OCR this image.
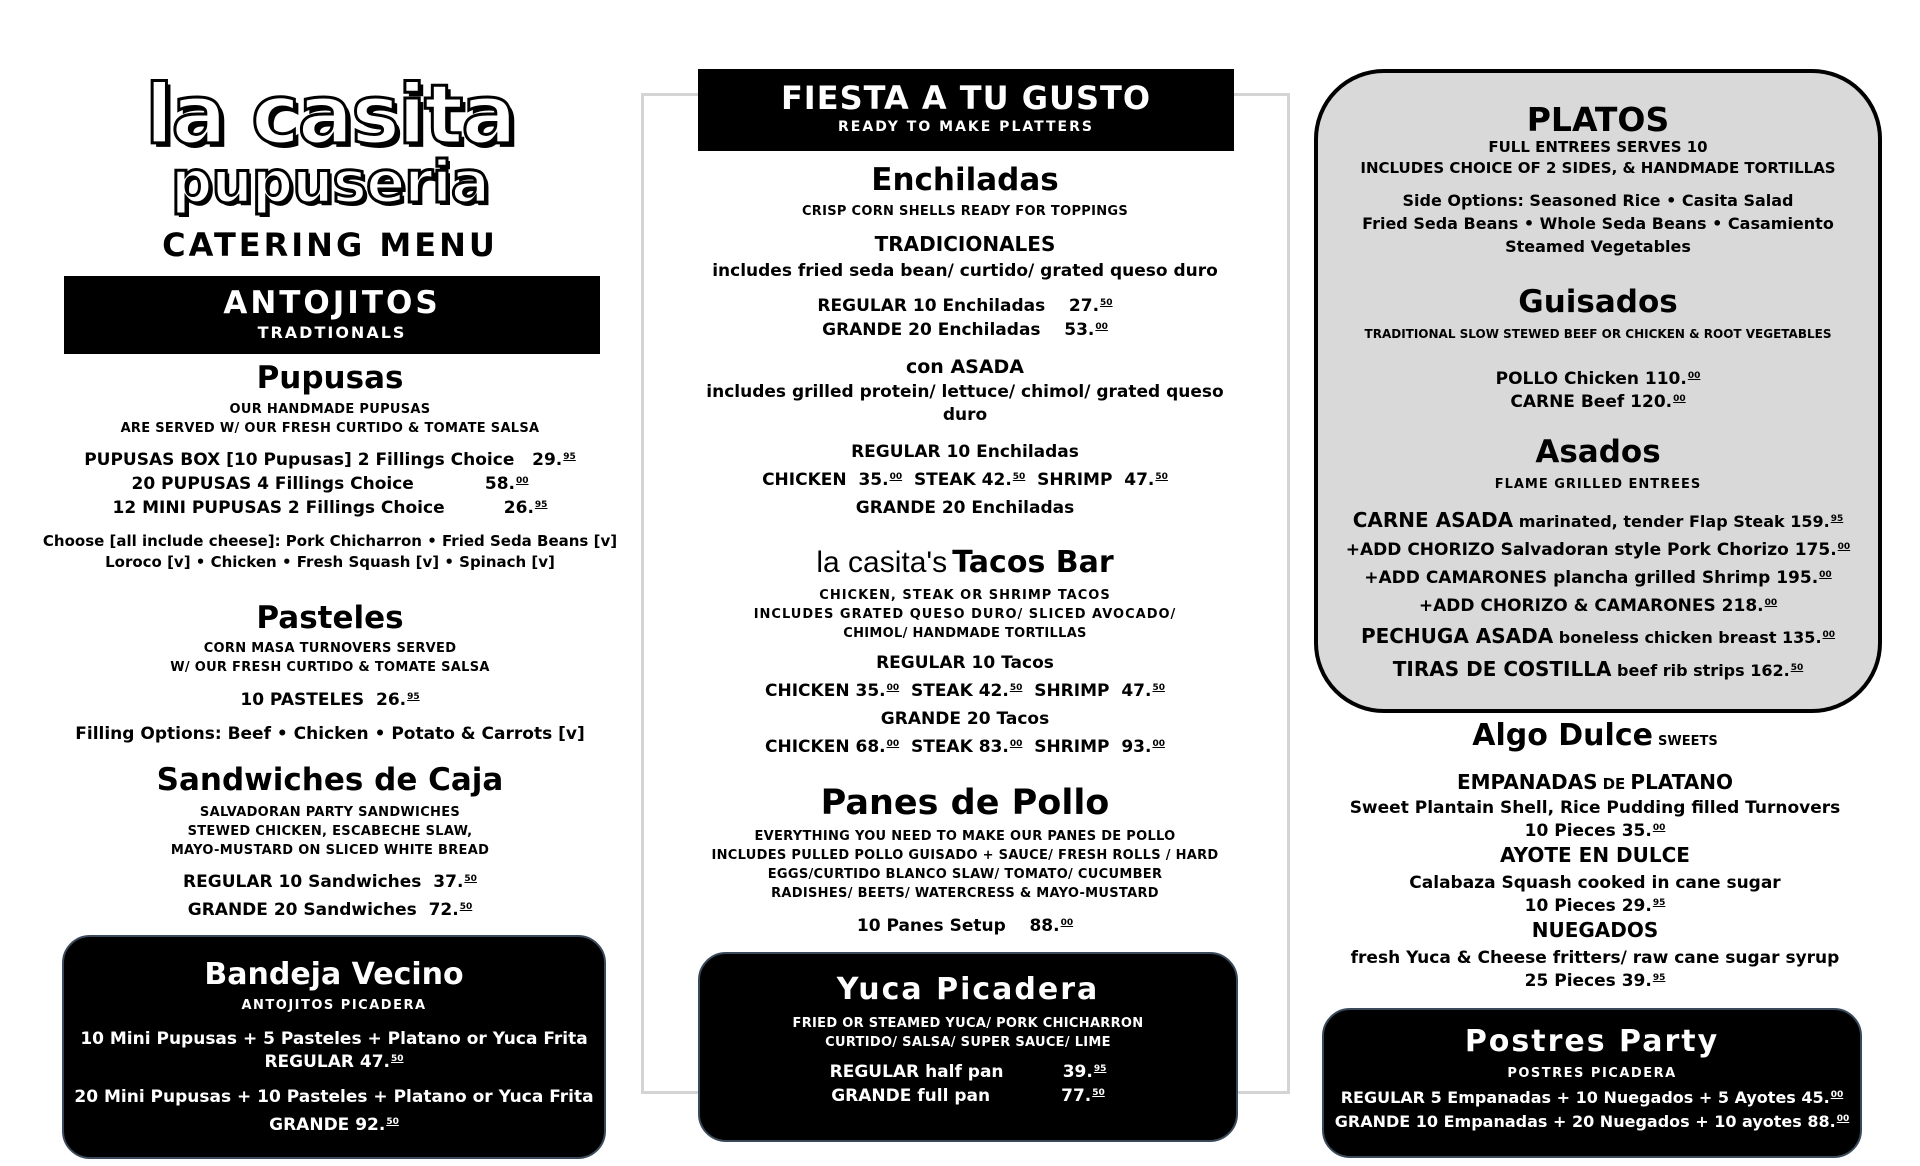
la casita
pupuseria
CATERING MENU
ANTOJITOS
TRADTIONALS
Pupusas
OUR HANDMADE PUPUSAS
ARE SERVED W/ OUR FRESH CURTIDO & TOMATE SALSA
PUPUSAS BOX [10 Pupusas] 2 Fillings Choice 29.95
20 PUPUSAS 4 Fillings Choice	58.00
12 MINI PUPUSAS 2 Fillings Choice	26.95
Choose [all include cheese]: Pork Chicharron • Fried Seda Beans [v]
Loroco [v] • Chicken • Fresh Squash [v] • Spinach [v]
Pasteles
CORN MASA TURNOVERS SERVED
W/ OUR FRESH CURTIDO & TOMATE SALSA
10 PASTELES 26.95
Filling Options: Beef • Chicken • Potato & Carrots [v]
Sandwiches de Caja
SALVADORAN PARTY SANDWICHES
STEWED CHICKEN, ESCABECHE SLAW,
MAYO-MUSTARD ON SLICED WHITE BREAD
REGULAR 10 Sandwiches 37.50
GRANDE 20 Sandwiches 72.50
Bandeja Vecino
ANTOJITOS PICADERA
10 Mini Pupusas + 5 Pasteles + Platano or Yuca Frita
REGULAR 47.50
20 Mini Pupusas + 10 Pasteles + Platano or Yuca Frita
GRANDE 92.50
FIESTA A TU GUSTO
READY TO MAKE PLATTERS
Enchiladas
CRISP CORN SHELLS READY FOR TOPPINGS
TRADICIONALES
includes fried seda bean/ curtido/ grated queso duro
REGULAR 10 Enchiladas 27.50
GRANDE 20 Enchiladas 53.00
con ASADA
includes grilled protein/ lettuce/ chimol/ grated queso
duro
REGULAR 10 Enchiladas
CHICKEN 35.00 STEAK 42.50 SHRIMP 47.50
GRANDE 20 Enchiladas
la casita's Tacos Bar
CHICKEN, STEAK OR SHRIMP TACOS
INCLUDES GRATED QUESO DURO/ SLICED AVOCADO/
CHIMOL/ HANDMADE TORTILLAS
REGULAR 10 Tacos
CHICKEN 35.00 STEAK 42.50 SHRIMP 47.50
GRANDE 20 Tacos
CHICKEN 68.00 STEAK 83.00 SHRIMP 93.00
Panes de Pollo
EVERYTHING YOU NEED TO MAKE OUR PANES DE POLLO
INCLUDES PULLED POLLO GUISADO + SAUCE/ FRESH ROLLS / HARD
EGGS/CURTIDO BLANCO SLAW/ TOMATO/ CUCUMBER
RADISHES/ BEETS/ WATERCRESS & MAYO-MUSTARD
10 Panes Setup 88.00
Yuca Picadera
FRIED OR STEAMED YUCA/ PORK CHICHARRON
CURTIDO/ SALSA/ SUPER SAUCE/ LIME
REGULAR half pan	39.95
GRANDE full pan	77.50
PLATOS
FULL ENTREES SERVES 10
INCLUDES CHOICE OF 2 SIDES, & HANDMADE TORTILLAS
Side Options: Seasoned Rice • Casita Salad
Fried Seda Beans • Whole Seda Beans • Casamiento
Steamed Vegetables
Guisados
TRADITIONAL SLOW STEWED BEEF OR CHICKEN & ROOT VEGETABLES
POLLO Chicken 110.00
CARNE Beef 120.00
Asados
FLAME GRILLED ENTREES
CARNE ASADA marinated, tender Flap Steak 159.95
+ADD CHORIZO Salvadoran style Pork Chorizo 175.00
+ADD CAMARONES plancha grilled Shrimp 195.00
+ADD CHORIZO & CAMARONES 218.00
PECHUGA ASADA boneless chicken breast 135.00
TIRAS DE COSTILLA beef rib strips 162.50
Algo Dulce SWEETS
EMPANADAS DE PLATANO
Sweet Plantain Shell, Rice Pudding filled Turnovers
10 Pieces 35.00
AYOTE EN DULCE
Calabaza Squash cooked in cane sugar
10 Pieces 29.95
NUEGADOS
fresh Yuca & Cheese fritters/ raw cane sugar syrup
25 Pieces 39.95
Postres Party
POSTRES PICADERA
REGULAR 5 Empanadas + 10 Nuegados + 5 Ayotes 45.00
GRANDE 10 Empanadas + 20 Nuegados + 10 ayotes 88.00
